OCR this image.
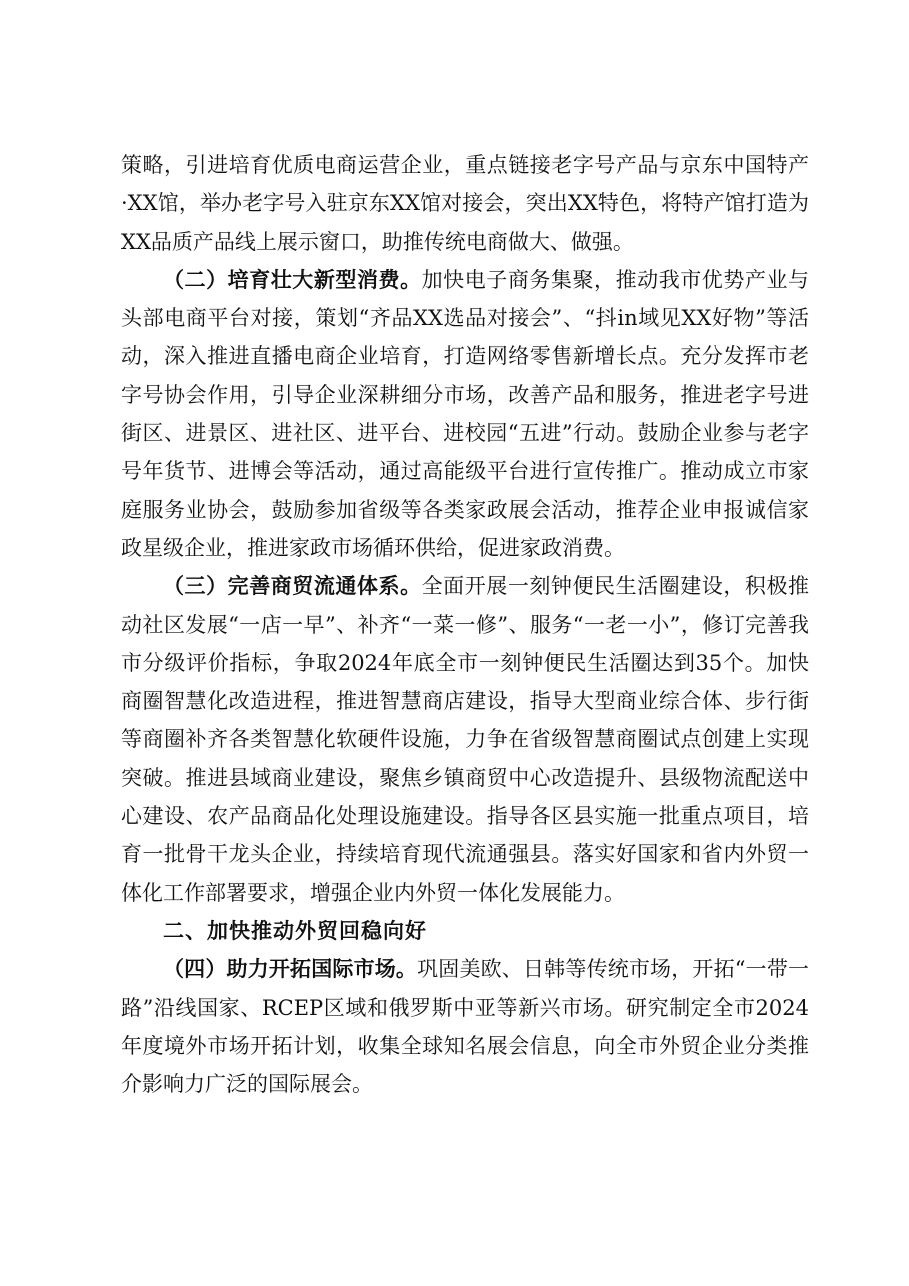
策略，引进培育优质电商运营企业，重点链接老字号产品与京东中国特产·XX馆，举办老字号入驻京东XX馆对接会，突出XX特色，将特产馆打造为XX品质产品线上展示窗口，助推传统电商做大、做强。

（二）培育壮大新型消费。加快电子商务集聚，推动我市优势产业与头部电商平台对接，策划“齐品XX选品对接会”、“抖in域见XX好物”等活动，深入推进直播电商企业培育，打造网络零售新增长点。充分发挥市老字号协会作用，引导企业深耕细分市场，改善产品和服务，推进老字号进街区、进景区、进社区、进平台、进校园“五进”行动。鼓励企业参与老字号年货节、进博会等活动，通过高能级平台进行宣传推广。推动成立市家庭服务业协会，鼓励参加省级等各类家政展会活动，推荐企业申报诚信家政星级企业，推进家政市场循环供给，促进家政消费。

（三）完善商贸流通体系。全面开展一刻钟便民生活圈建设，积极推动社区发展“一店一早”、补齐“一菜一修”、服务“一老一小”，修订完善我市分级评价指标，争取2024年底全市一刻钟便民生活圈达到35个。加快商圈智慧化改造进程，推进智慧商店建设，指导大型商业综合体、步行街等商圈补齐各类智慧化软硬件设施，力争在省级智慧商圈试点创建上实现突破。推进县域商业建设，聚焦乡镇商贸中心改造提升、县级物流配送中心建设、农产品商品化处理设施建设。指导各区县实施一批重点项目，培育一批骨干龙头企业，持续培育现代流通强县。落实好国家和省内外贸一体化工作部署要求，增强企业内外贸一体化发展能力。

二、加快推动外贸回稳向好

（四）助力开拓国际市场。巩固美欧、日韩等传统市场，开拓“一带一路”沿线国家、RCEP区域和俄罗斯中亚等新兴市场。研究制定全市2024年度境外市场开拓计划，收集全球知名展会信息，向全市外贸企业分类推介影响力广泛的国际展会。
